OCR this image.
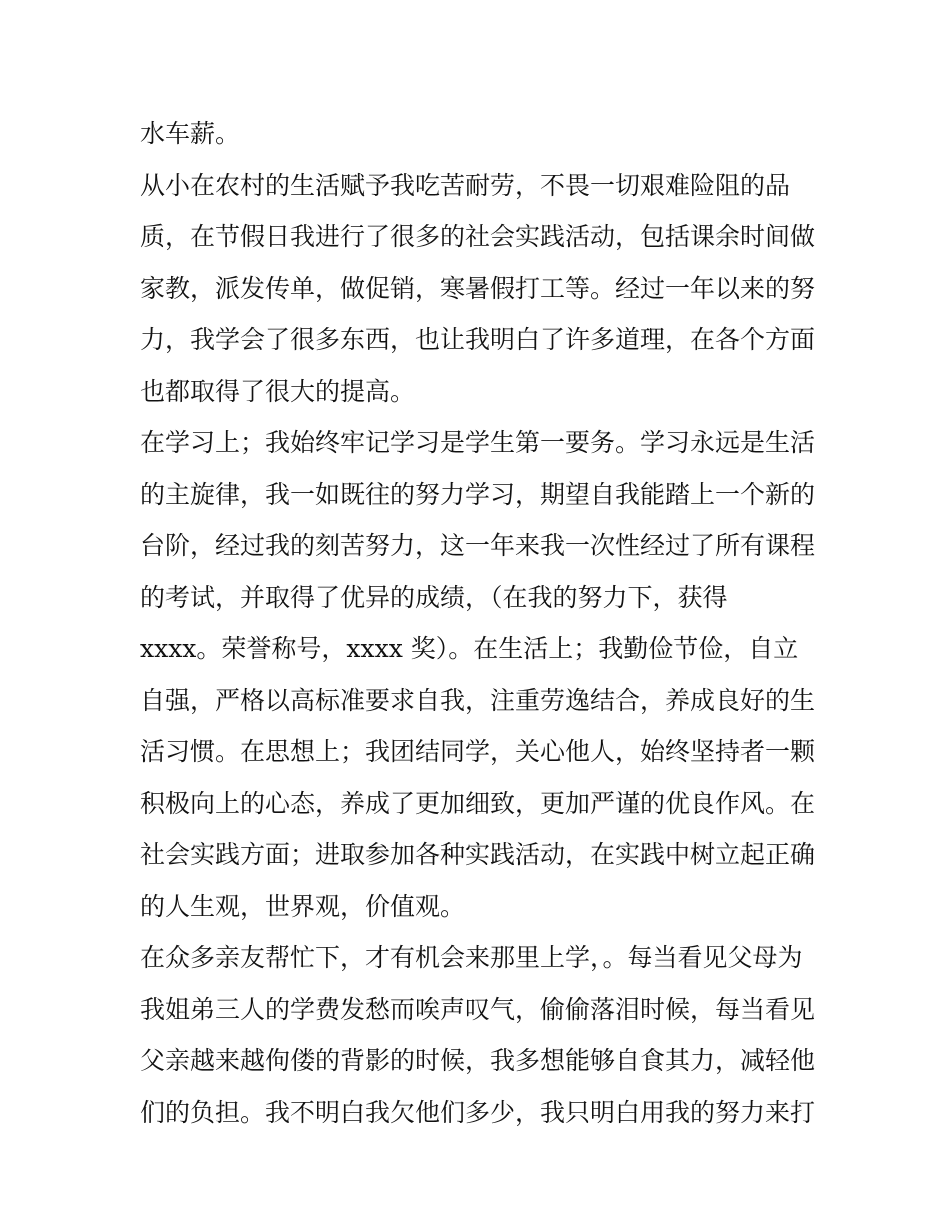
水车薪。
从小在农村的生活赋予我吃苦耐劳，不畏一切艰难险阻的品
质，在节假日我进行了很多的社会实践活动，包括课余时间做
家教，派发传单，做促销，寒暑假打工等。经过一年以来的努
力，我学会了很多东西，也让我明白了许多道理，在各个方面
也都取得了很大的提高。
在学习上；我始终牢记学习是学生第一要务。学习永远是生活
的主旋律，我一如既往的努力学习，期望自我能踏上一个新的
台阶，经过我的刻苦努力，这一年来我一次性经过了所有课程
的考试，并取得了优异的成绩，（在我的努力下，获得
xxxx。荣誉称号，xxxx 奖）。在生活上；我勤俭节俭，自立
自强，严格以高标准要求自我，注重劳逸结合，养成良好的生
活习惯。在思想上；我团结同学，关心他人，始终坚持者一颗
积极向上的心态，养成了更加细致，更加严谨的优良作风。在
社会实践方面；进取参加各种实践活动，在实践中树立起正确
的人生观，世界观，价值观。
在众多亲友帮忙下，才有机会来那里上学，。每当看见父母为
我姐弟三人的学费发愁而唉声叹气，偷偷落泪时候，每当看见
父亲越来越佝偻的背影的时候，我多想能够自食其力，减轻他
们的负担。我不明白我欠他们多少，我只明白用我的努力来打
